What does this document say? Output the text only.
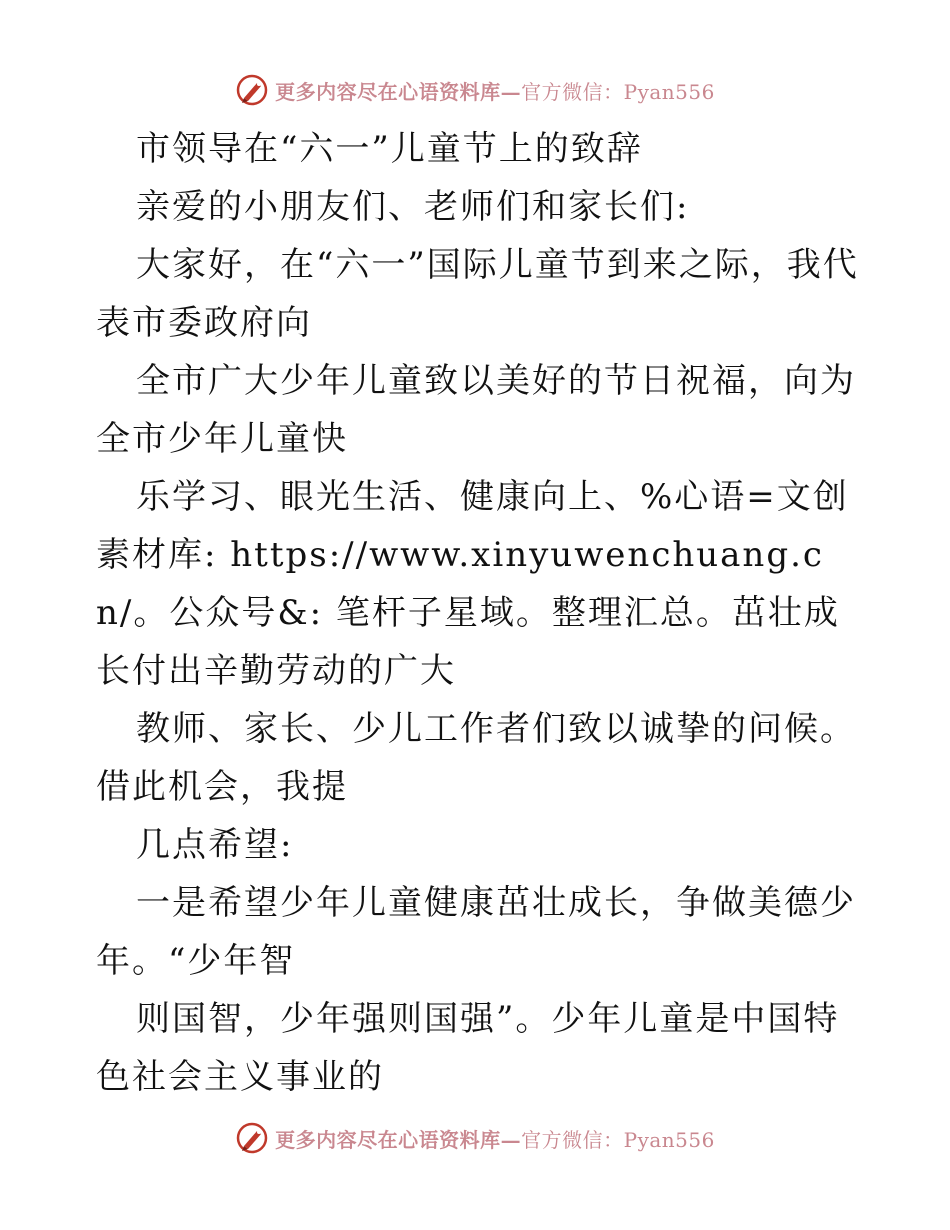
更多内容尽在心语资料库—官方微信：Pyan556

市领导在“六一”儿童节上的致辞

亲爱的小朋友们、老师们和家长们:

大家好，在“六一”国际儿童节到来之际，我代表市委政府向

全市广大少年儿童致以美好的节日祝福，向为全市少年儿童快

乐学习、眼光生活、健康向上、%心语=文创素材库: https://www.xinyuwenchuang.cn/。公众号&: 笔杆子星域。整理汇总。茁壮成长付出辛勤劳动的广大

教师、家长、少儿工作者们致以诚挚的问候。借此机会，我提

几点希望:

一是希望少年儿童健康茁壮成长，争做美德少年。“少年智

则国智，少年强则国强”。少年儿童是中国特色社会主义事业的

更多内容尽在心语资料库—官方微信：Pyan556
